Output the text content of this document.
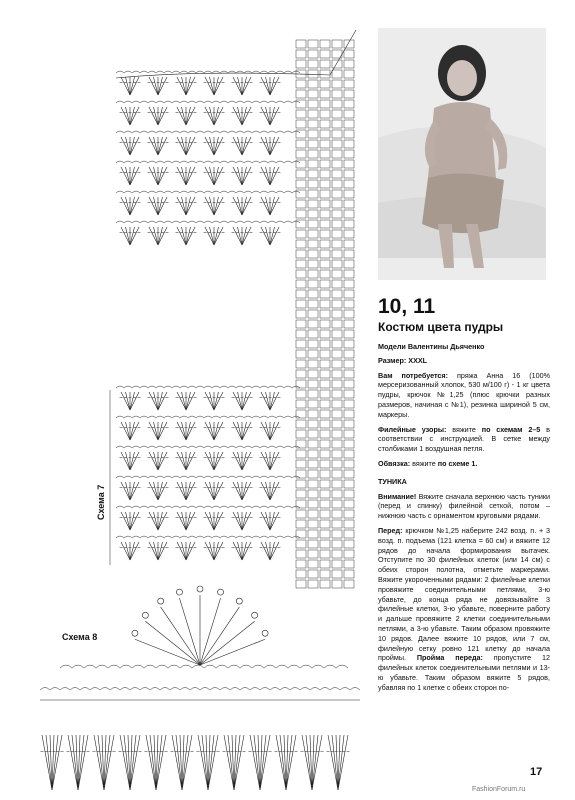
Схема 7
Схема 8
10, 11
Костюм цвета пудры
Модели Валентины Дьяченко
Размер: XXXL
Вам потребуется: пряжа Анна 16 (100% мерсеризованный хлопок, 530 м/100 г) - 1 кг цвета пудры, крючок №1,25 (плюс крючки разных размеров, начиная с №1), резинка шириной 5 см, маркеры.
Филейные узоры: вяжите по схемам 2–5 в соответствии с инструкцией. В сетке между столбиками 1 воздушная петля.
Обвязка: вяжите по схеме 1.
ТУНИКА
Внимание! Вяжите сначала верхнюю часть туники (перед и спинку) филейной сеткой, потом – нижнюю часть с орнаментом круговыми рядами.
Перед: крючком №1,25 наберите 242 возд. п. + 3 возд. п. подъема (121 клетка = 60 см) и вяжите 12 рядов до начала формирования вытачек. Отступите по 30 филейных клеток (или 14 см) с обеих сторон полотна, отметьте маркерами. Вяжите укороченными рядами: 2 филейные клетки провяжите соединительными петлями, 3-ю убавьте, до конца ряда не довязывайте 3 филейные клетки, 3-ю убавьте, поверните работу и дальше провяжите 2 клетки соединительными петлями, а 3-ю убавьте. Таким образом провяжите 10 рядов. Далее вяжите 10 рядов, или 7 см, филейную сетку ровно 121 клетку до начала проймы. Пройма переда: пропустите 12 филейных клеток соединительными петлями и 13-ю убавьте. Таким образом вяжите 5 рядов, убавляя по 1 клетке с обеих сторон по-
17
FashionForum.ru
